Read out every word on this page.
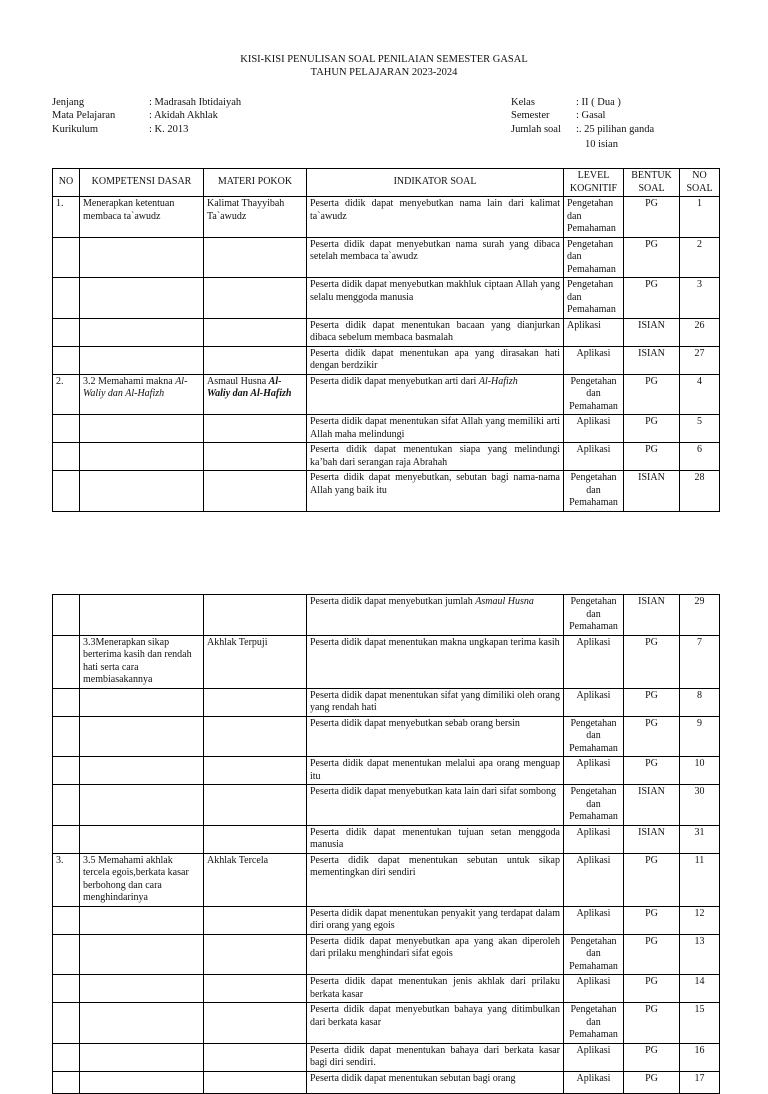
KISI-KISI PENULISAN SOAL PENILAIAN SEMESTER GASAL
TAHUN PELAJARAN 2023-2024
Jenjang	: Madrasah Ibtidaiyah
Mata Pelajaran	: Akidah Akhlak
Kurikulum	: K. 2013
Kelas	: II ( Dua )
Semester	: Gasal
Jumlah soal :. 25 pilihan ganda
10 isian
NO	KOMPETENSI DASAR	MATERI POKOK	INDIKATOR SOAL	LEVEL KOGNITIF	BENTUK SOAL	NO SOAL
1.	Menerapkan ketentuan membaca ta`awudz	Kalimat Thayyibah Ta`awudz	Peserta didik dapat menyebutkan nama lain dari kalimat ta`awudz	Pengetahan dan Pemahaman	PG	1
			Peserta didik dapat menyebutkan nama surah yang dibaca setelah membaca ta`awudz	Pengetahan dan Pemahaman	PG	2
			Peserta didik dapat menyebutkan makhluk ciptaan Allah yang selalu menggoda manusia	Pengetahan dan Pemahaman	PG	3
			Peserta didik dapat menentukan bacaan yang dianjurkan dibaca sebelum membaca basmalah	Aplikasi	ISIAN	26
			Peserta didik dapat menentukan apa yang dirasakan hati dengan berdzikir	Aplikasi	ISIAN	27
2.	3.2 Memahami makna Al-Waliy dan Al-Hafizh	Asmaul Husna Al-Waliy dan Al-Hafizh	Peserta didik dapat menyebutkan arti dari Al-Hafizh	Pengetahan dan Pemahaman	PG	4
			Peserta didik dapat menentukan sifat Allah yang memiliki arti Allah maha melindungi	Aplikasi	PG	5
			Peserta didik dapat menentukan siapa yang melindungi ka’bah dari serangan raja Abrahah	Aplikasi	PG	6
			Peserta didik dapat menyebutkan, sebutan bagi nama-nama Allah yang baik itu	Pengetahan dan Pemahaman	ISIAN	28
			Peserta didik dapat menyebutkan jumlah Asmaul Husna	Pengetahan dan Pemahaman	ISIAN	29
	3.3Menerapkan sikap berterima kasih dan rendah hati serta cara membiasakannya	Akhlak Terpuji	Peserta didik dapat menentukan makna ungkapan terima kasih	Aplikasi	PG	7
			Peserta didik dapat menentukan sifat yang dimiliki oleh orang yang rendah hati	Aplikasi	PG	8
			Peserta didik dapat menyebutkan sebab orang bersin	Pengetahan dan Pemahaman	PG	9
			Peserta didik dapat menentukan melalui apa orang menguap itu	Aplikasi	PG	10
			Peserta didik dapat menyebutkan kata lain dari sifat sombong	Pengetahan dan Pemahaman	ISIAN	30
			Peserta didik dapat menentukan tujuan setan menggoda manusia	Aplikasi	ISIAN	31
3.	3.5 Memahami akhlak tercela egois,berkata kasar berbohong dan cara menghindarinya	Akhlak Tercela	Peserta didik dapat menentukan sebutan untuk sikap mementingkan diri sendiri	Aplikasi	PG	11
			Peserta didik dapat menentukan penyakit yang terdapat dalam diri orang yang egois	Aplikasi	PG	12
			Peserta didik dapat menyebutkan apa yang akan diperoleh dari prilaku menghindari sifat egois	Pengetahan dan Pemahaman	PG	13
			Peserta didik dapat menentukan jenis akhlak dari prilaku berkata kasar	Aplikasi	PG	14
			Peserta didik dapat menyebutkan bahaya yang ditimbulkan dari berkata kasar	Pengetahan dan Pemahaman	PG	15
			Peserta didik dapat menentukan bahaya dari berkata kasar bagi diri sendiri.	Aplikasi	PG	16
			Peserta didik dapat menentukan sebutan bagi orang	Aplikasi	PG	17
